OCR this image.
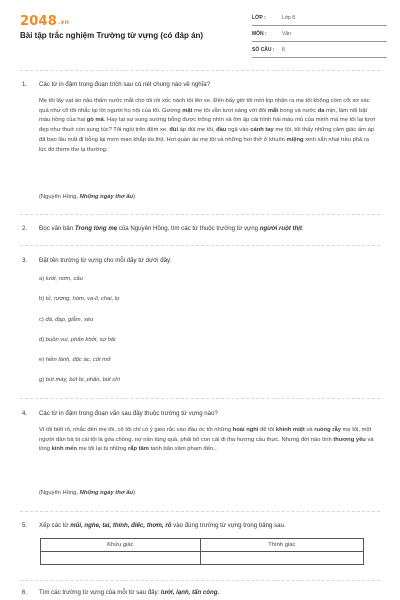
2048.vn
Bài tập trắc nghiệm Trường từ vựng (có đáp án)
LỚP :	Lớp 8
MÔN :	Văn
SỐ CÂU :	8
1.	Các từ in đậm trong đoạn trích sau có nét chung nào về nghĩa?
Mẹ tôi lấy vạt áo nâu thấm nước mắt cho tôi rồi xốc nách tôi lên xe. Đến bấy giờ tôi mới kịp nhận ra mẹ tôi không còm cõi xơ xác quá như cô tôi nhắc lại lời người họ nội của tôi. Gương mặt mẹ tôi vẫn tươi sáng với đôi mắt trong và nước da mịn, làm nổi bật màu hồng của hai gò má. Hay tại sự sung sướng bỗng được trông nhìn và ôm ấp cái hình hài máu mủ của mình mà mẹ tôi lại tươi đẹp như thuở còn sung túc? Tôi ngồi trên đệm xe, đùi áp đùi mẹ tôi, đầu ngả vào cánh tay mẹ tôi, tôi thấy những cảm giác ấm áp đã bao lâu mất đi bỗng lại mơn man khắp da thịt. Hơi quần áo mẹ tôi và những hơi thở ở khuôn miệng xinh xắn nhai trầu phả ra lúc đó thơm tho lạ thường.
(Nguyên Hồng, Những ngày thơ ấu)
2.	Đọc văn bản Trong lòng mẹ của Nguyên Hồng, tìm các từ thuộc trường từ vựng người ruột thịt.
3.	Đặt tên trường từ vựng cho mỗi dãy từ dưới đây:
a) lưới, nơm, câu
b) tủ, rương, hòm, va-li, chai, lọ
c) đá, đạp, giẫm, xéo
d) buồn vui, phấn khởi, sợ hãi
e) hiền lành, độc ác, cởi mở
g) bút máy, bút bi, phấn, bút chì
4.	Các từ in đậm trong đoạn văn sau đây thuộc trường từ vựng nào?
Vì tôi biết rõ, nhắc đến mẹ tôi, cô tôi chỉ có ý gieo rắc vào đầu óc tôi những hoài nghi để tôi khinh miệt và ruồng rẫy mẹ tôi, một người đàn bà bị cái tội là góa chồng, nợ nần túng quá, phải bỏ con cái đi tha hương cầu thực. Nhưng đời nào tình thương yêu và lòng kính mến mẹ tôi lại bị những rắp tâm tanh bẩn xâm phạm đến...
(Nguyên Hồng, Những ngày thơ ấu)
5.	Xếp các từ mũi, nghe, tai, thính, điếc, thơm, rõ vào đúng trường từ vựng trong bảng sau.
Khứu giác	Thính giác

6.	Tìm các trường từ vựng của mỗi từ sau đây: lưới, lạnh, tấn công.
